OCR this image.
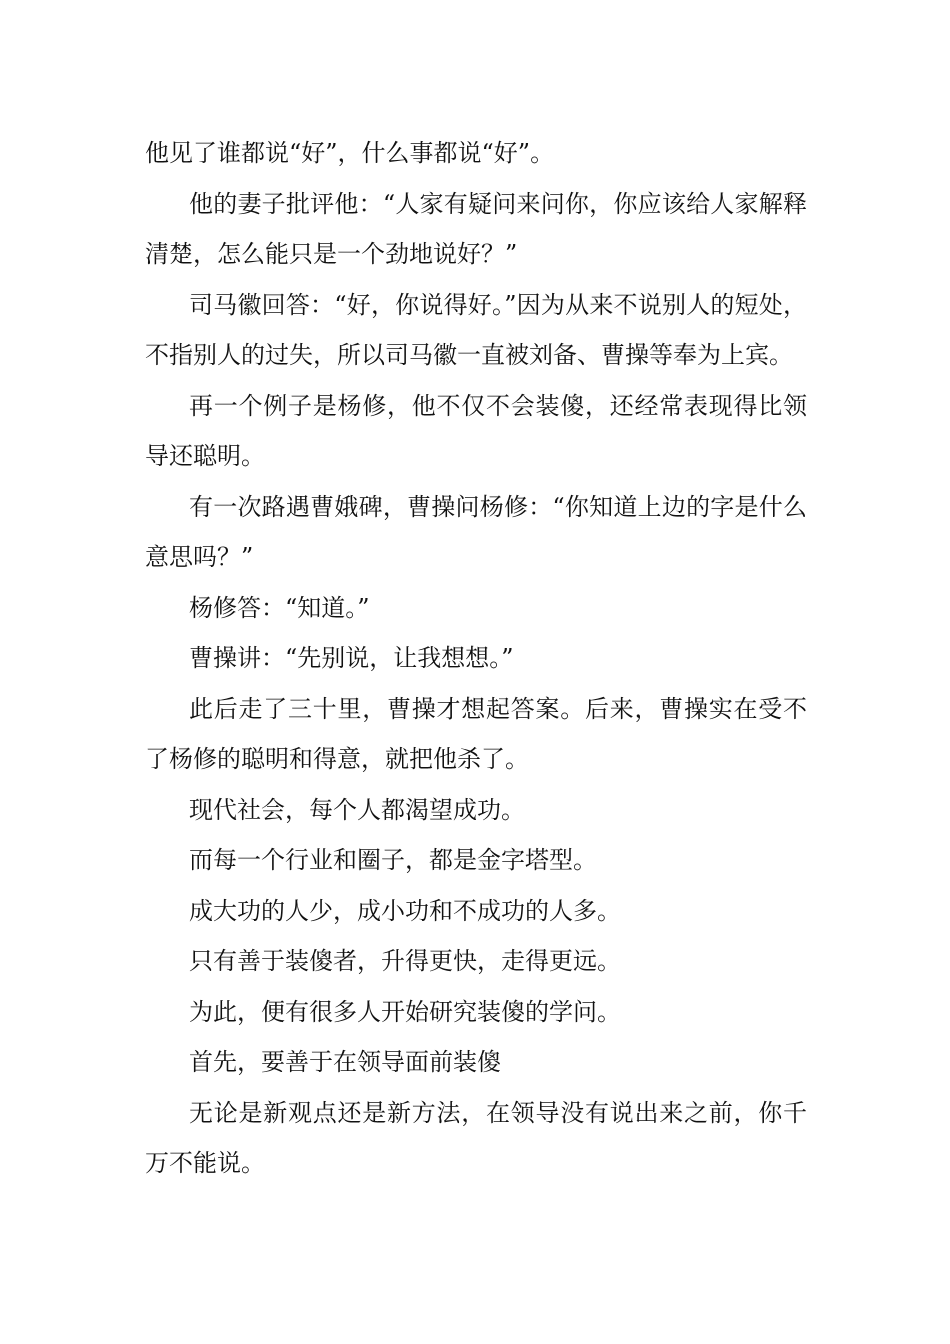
他见了谁都说“好”，什么事都说“好”。

他的妻子批评他：“人家有疑问来问你，你应该给人家解释清楚，怎么能只是一个劲地说好？”

司马徽回答：“好，你说得好。”因为从来不说别人的短处，不指别人的过失，所以司马徽一直被刘备、曹操等奉为上宾。

再一个例子是杨修，他不仅不会装傻，还经常表现得比领导还聪明。

有一次路遇曹娥碑，曹操问杨修：“你知道上边的字是什么意思吗？”

杨修答：“知道。”

曹操讲：“先别说，让我想想。”

此后走了三十里，曹操才想起答案。后来，曹操实在受不了杨修的聪明和得意，就把他杀了。

现代社会，每个人都渴望成功。

而每一个行业和圈子，都是金字塔型。

成大功的人少，成小功和不成功的人多。

只有善于装傻者，升得更快，走得更远。

为此，便有很多人开始研究装傻的学问。

首先，要善于在领导面前装傻

无论是新观点还是新方法，在领导没有说出来之前，你千万不能说。
